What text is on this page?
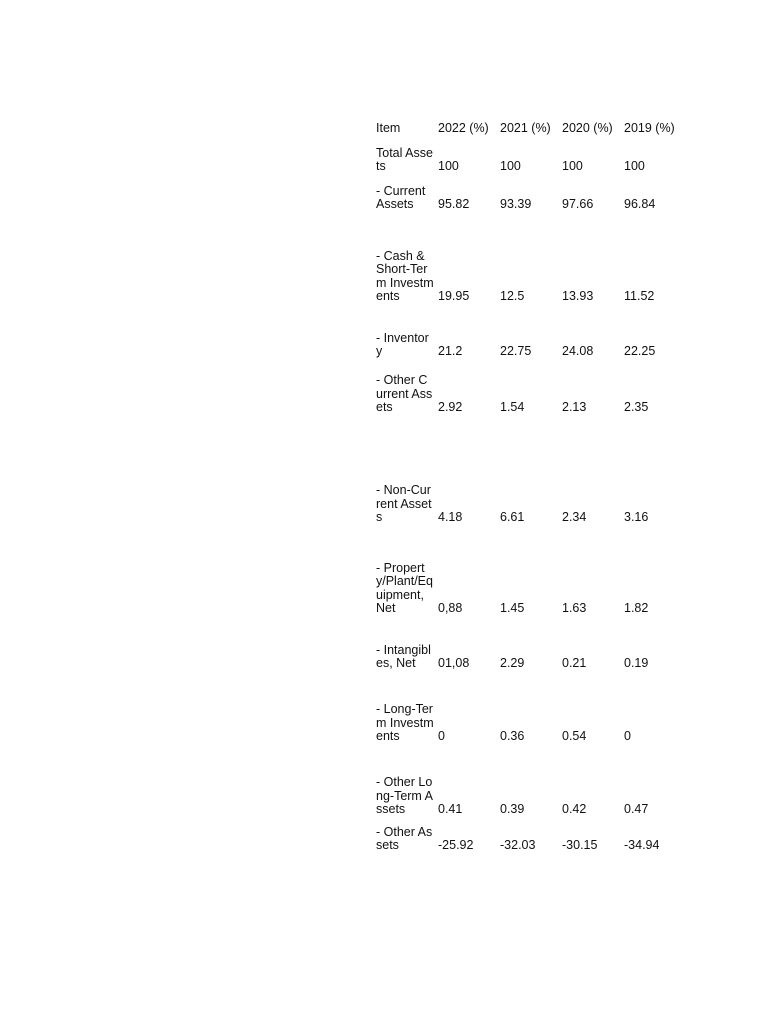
Item	2022 (%) 2021 (%) 2020 (%) 2019 (%)
Total Assets	100	100	100	100
- Current Assets	95.82	93.39	97.66	96.84
- Cash & Short-Term Investments	19.95	12.5	13.93	11.52
- Inventory	21.2	22.75	24.08	22.25
- Other Current Assets	2.92	1.54	2.13	2.35
- Non-Current Assets	4.18	6.61	2.34	3.16
- Property/Plant/Equipment, Net	0,88	1.45	1.63	1.82
- Intangibles, Net	01,08	2.29	0.21	0.19
- Long-Term Investments	0	0.36	0.54	0
- Other Long-Term Assets	0.41	0.39	0.42	0.47
- Other Assets	-25.92	-32.03	-30.15	-34.94
